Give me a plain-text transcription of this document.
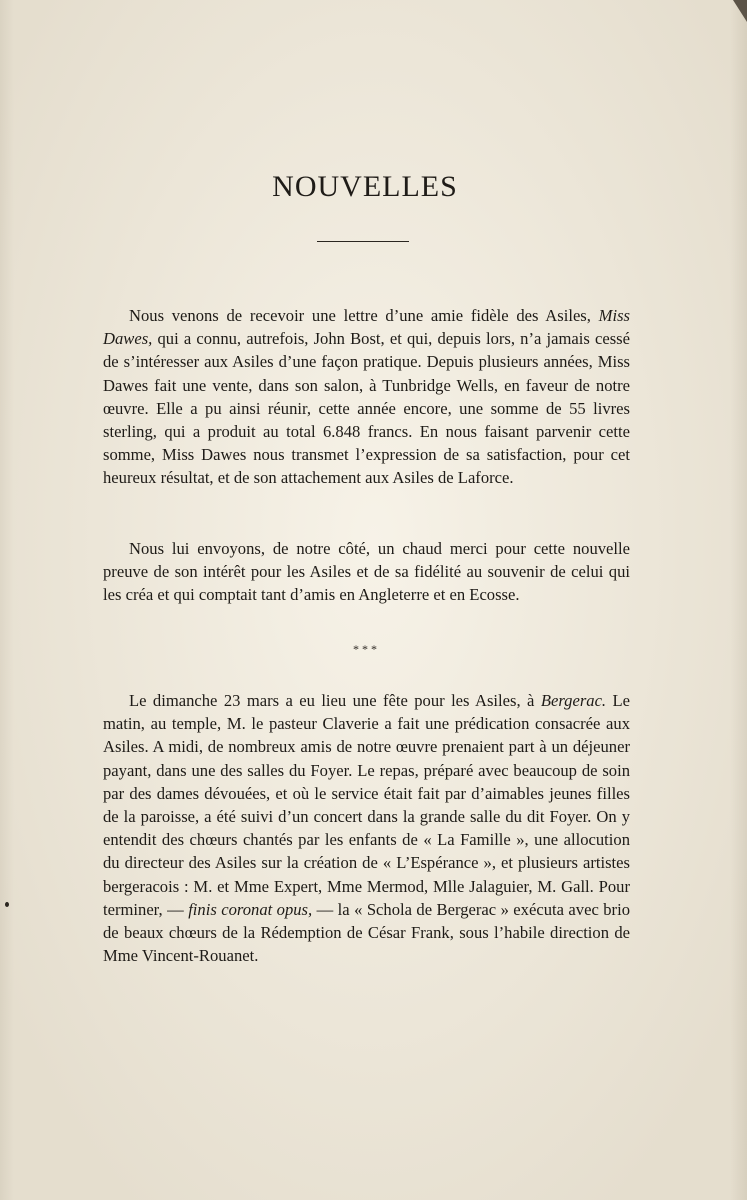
NOUVELLES

Nous venons de recevoir une lettre d’une amie fidèle des Asiles, Miss Dawes, qui a connu, autrefois, John Bost, et qui, depuis lors, n’a jamais cessé de s’intéresser aux Asiles d’une façon pratique. Depuis plusieurs années, Miss Dawes fait une vente, dans son salon, à Tunbridge Wells, en faveur de notre œuvre. Elle a pu ainsi réunir, cette année encore, une somme de 55 livres sterling, qui a produit au total 6.848 francs. En nous faisant parvenir cette somme, Miss Dawes nous transmet l’expression de sa satisfaction, pour cet heureux résultat, et de son attachement aux Asiles de Laforce.

Nous lui envoyons, de notre côté, un chaud merci pour cette nouvelle preuve de son intérêt pour les Asiles et de sa fidélité au souvenir de celui qui les créa et qui comptait tant d’amis en Angleterre et en Ecosse.

* * *

Le dimanche 23 mars a eu lieu une fête pour les Asiles, à Bergerac. Le matin, au temple, M. le pasteur Claverie a fait une prédication consacrée aux Asiles. A midi, de nombreux amis de notre œuvre prenaient part à un déjeuner payant, dans une des salles du Foyer. Le repas, préparé avec beaucoup de soin par des dames dévouées, et où le service était fait par d’aimables jeunes filles de la paroisse, a été suivi d’un concert dans la grande salle du dit Foyer. On y entendit des chœurs chantés par les enfants de « La Famille », une allocution du directeur des Asiles sur la création de « L’Espérance », et plusieurs artistes bergeracois : M. et Mme Expert, Mme Mermod, Mlle Jalaguier, M. Gall. Pour terminer, — finis coronat opus, — la « Schola de Bergerac » exécuta avec brio de beaux chœurs de la Rédemption de César Frank, sous l’habile direction de Mme Vincent-Rouanet.
